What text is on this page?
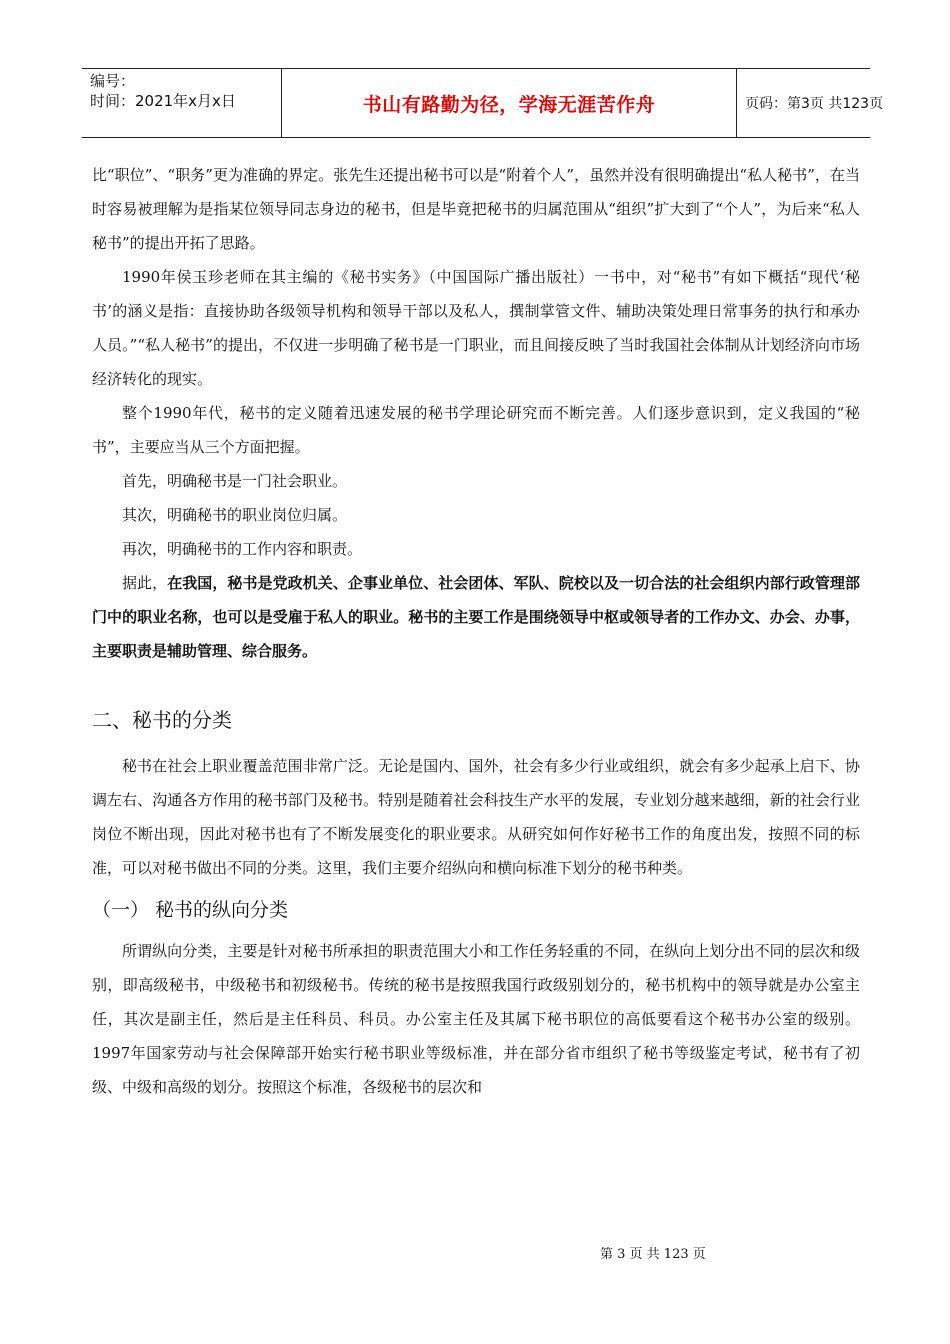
编号：
时间：2021年x月x日	书山有路勤为径，学海无涯苦作舟	页码：第3页 共123页

比“职位”、“职务”更为准确的界定。张先生还提出秘书可以是“附着个人”，虽然并没有很明确提出“私人秘书”，在当时容易被理解为是指某位领导同志身边的秘书，但是毕竟把秘书的归属范围从“组织”扩大到了“个人”，为后来“私人秘书”的提出开拓了思路。

1990年侯玉珍老师在其主编的《秘书实务》（中国国际广播出版社）一书中，对“秘书”有如下概括“现代‘秘书’的涵义是指：直接协助各级领导机构和领导干部以及私人，撰制掌管文件、辅助决策处理日常事务的执行和承办人员。”“私人秘书”的提出，不仅进一步明确了秘书是一门职业，而且间接反映了当时我国社会体制从计划经济向市场经济转化的现实。

整个1990年代，秘书的定义随着迅速发展的秘书学理论研究而不断完善。人们逐步意识到，定义我国的“秘书”，主要应当从三个方面把握。

首先，明确秘书是一门社会职业。

其次，明确秘书的职业岗位归属。

再次，明确秘书的工作内容和职责。

据此，在我国，秘书是党政机关、企事业单位、社会团体、军队、院校以及一切合法的社会组织内部行政管理部门中的职业名称，也可以是受雇于私人的职业。秘书的主要工作是围绕领导中枢或领导者的工作办文、办会、办事，主要职责是辅助管理、综合服务。

二、秘书的分类

秘书在社会上职业覆盖范围非常广泛。无论是国内、国外，社会有多少行业或组织，就会有多少起承上启下、协调左右、沟通各方作用的秘书部门及秘书。特别是随着社会科技生产水平的发展，专业划分越来越细，新的社会行业岗位不断出现，因此对秘书也有了不断发展变化的职业要求。从研究如何作好秘书工作的角度出发，按照不同的标准，可以对秘书做出不同的分类。这里，我们主要介绍纵向和横向标准下划分的秘书种类。

（一） 秘书的纵向分类

所谓纵向分类，主要是针对秘书所承担的职责范围大小和工作任务轻重的不同，在纵向上划分出不同的层次和级别，即高级秘书，中级秘书和初级秘书。传统的秘书是按照我国行政级别划分的，秘书机构中的领导就是办公室主任，其次是副主任，然后是主任科员、科员。办公室主任及其属下秘书职位的高低要看这个秘书办公室的级别。1997年国家劳动与社会保障部开始实行秘书职业等级标准，并在部分省市组织了秘书等级鉴定考试，秘书有了初级、中级和高级的划分。按照这个标准，各级秘书的层次和

第 3 页 共 123 页
